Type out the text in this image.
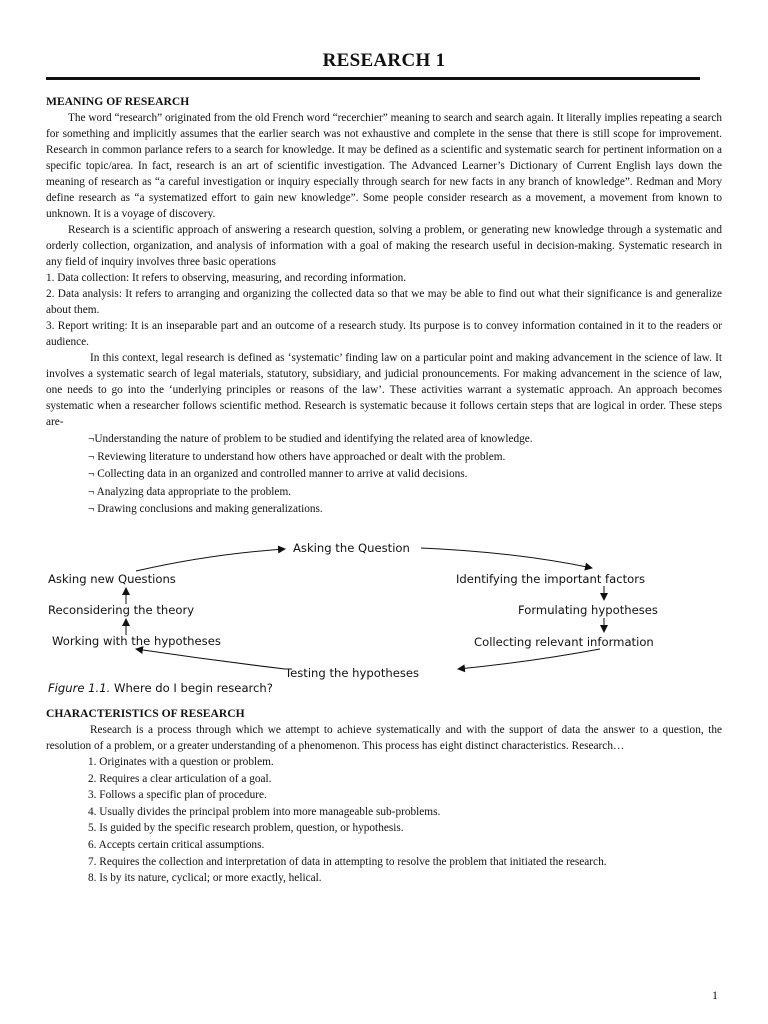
RESEARCH 1
MEANING OF RESEARCH

The word “research” originated from the old French word “recerchier” meaning to search and search again. It literally implies repeating a search for something and implicitly assumes that the earlier search was not exhaustive and complete in the sense that there is still scope for improvement. Research in common parlance refers to a search for knowledge. It may be defined as a scientific and systematic search for pertinent information on a specific topic/area. In fact, research is an art of scientific investigation. The Advanced Learner’s Dictionary of Current English lays down the meaning of research as “a careful investigation or inquiry especially through search for new facts in any branch of knowledge”. Redman and Mory define research as “a systematized effort to gain new knowledge”. Some people consider research as a movement, a movement from known to unknown. It is a voyage of discovery.

Research is a scientific approach of answering a research question, solving a problem, or generating new knowledge through a systematic and orderly collection, organization, and analysis of information with a goal of making the research useful in decision-making. Systematic research in any field of inquiry involves three basic operations

1. Data collection: It refers to observing, measuring, and recording information.

2. Data analysis: It refers to arranging and organizing the collected data so that we may be able to find out what their significance is and generalize about them.

3. Report writing: It is an inseparable part and an outcome of a research study. Its purpose is to convey information contained in it to the readers or audience.

In this context, legal research is defined as ‘systematic’ finding law on a particular point and making advancement in the science of law. It involves a systematic search of legal materials, statutory, subsidiary, and judicial pronouncements. For making advancement in the science of law, one needs to go into the ‘underlying principles or reasons of the law’. These activities warrant a systematic approach. An approach becomes systematic when a researcher follows scientific method. Research is systematic because it follows certain steps that are logical in order. These steps are-

¬Understanding the nature of problem to be studied and identifying the related area of knowledge.

¬ Reviewing literature to understand how others have approached or dealt with the problem.

¬ Collecting data in an organized and controlled manner to arrive at valid decisions.

¬ Analyzing data appropriate to the problem.

¬ Drawing conclusions and making generalizations.

Asking the Question
Asking new Questions
Reconsidering the theory
Working with the hypotheses
Identifying the important factors
Formulating hypotheses
Collecting relevant information
Testing the hypotheses
Figure 1.1. Where do I begin research?
CHARACTERISTICS OF RESEARCH

Research is a process through which we attempt to achieve systematically and with the support of data the answer to a question, the resolution of a problem, or a greater understanding of a phenomenon. This process has eight distinct characteristics. Research…

1. Originates with a question or problem.
2. Requires a clear articulation of a goal.
3. Follows a specific plan of procedure.
4. Usually divides the principal problem into more manageable sub-problems.
5. Is guided by the specific research problem, question, or hypothesis.
6. Accepts certain critical assumptions.
7. Requires the collection and interpretation of data in attempting to resolve the problem that initiated the research.
8. Is by its nature, cyclical; or more exactly, helical.
1
